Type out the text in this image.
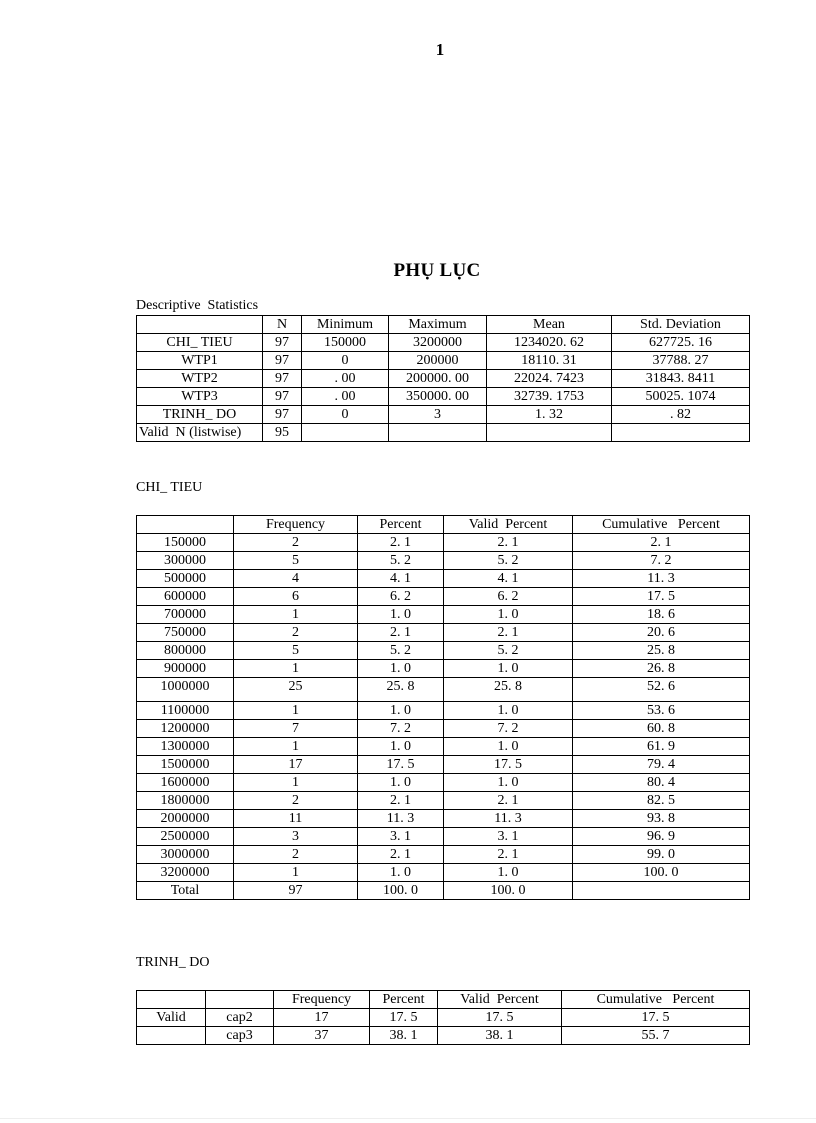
1
PHỤ LỤC
Descriptive  Statistics
	N	Minimum	Maximum	Mean	Std. Deviation
CHI_ TIEU	97	150000	3200000	1234020. 62	627725. 16
WTP1	97	0	200000	18110. 31	37788. 27
WTP2	97	. 00	200000. 00	22024. 7423	31843. 8411
WTP3	97	. 00	350000. 00	32739. 1753	50025. 1074
TRINH_ DO	97	0	3	1. 32	. 82
Valid  N (listwise)	95				
CHI_ TIEU
	Frequency	Percent	Valid  Percent	Cumulative   Percent
150000	2	2. 1	2. 1	2. 1
300000	5	5. 2	5. 2	7. 2
500000	4	4. 1	4. 1	11. 3
600000	6	6. 2	6. 2	17. 5
700000	1	1. 0	1. 0	18. 6
750000	2	2. 1	2. 1	20. 6
800000	5	5. 2	5. 2	25. 8
900000	1	1. 0	1. 0	26. 8
1000000	25	25. 8	25. 8	52. 6
1100000	1	1. 0	1. 0	53. 6
1200000	7	7. 2	7. 2	60. 8
1300000	1	1. 0	1. 0	61. 9
1500000	17	17. 5	17. 5	79. 4
1600000	1	1. 0	1. 0	80. 4
1800000	2	2. 1	2. 1	82. 5
2000000	11	11. 3	11. 3	93. 8
2500000	3	3. 1	3. 1	96. 9
3000000	2	2. 1	2. 1	99. 0
3200000	1	1. 0	1. 0	100. 0
Total	97	100. 0	100. 0	
TRINH_ DO
		Frequency	Percent	Valid  Percent	Cumulative   Percent
Valid	cap2	17	17. 5	17. 5	17. 5
	cap3	37	38. 1	38. 1	55. 7
